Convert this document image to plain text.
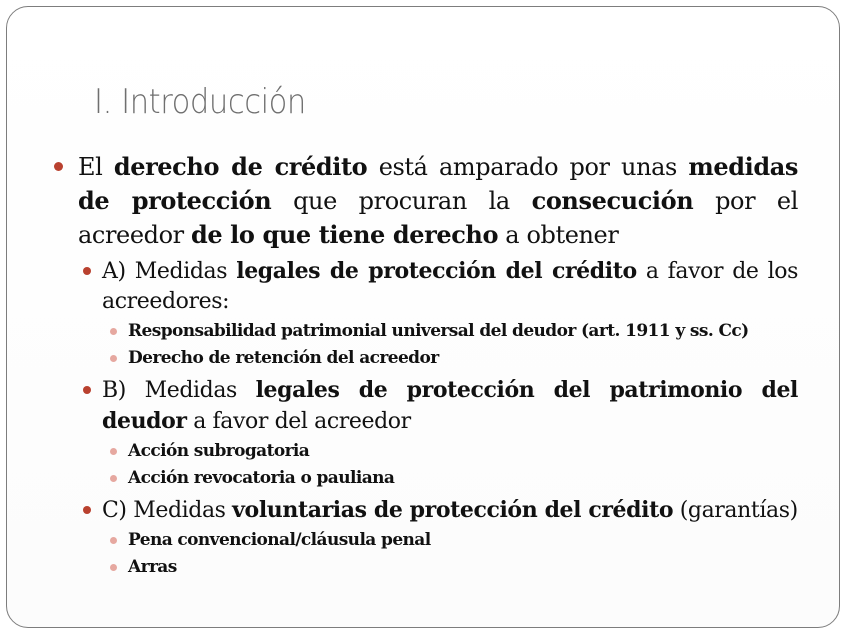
I. Introducción
El derecho de crédito está amparado por unas medidas de protección que procuran la consecución por el acreedor de lo que tiene derecho a obtener
A) Medidas legales de protección del crédito a favor de los acreedores:
Responsabilidad patrimonial universal del deudor (art. 1911 y ss. Cc)
Derecho de retención del acreedor
B) Medidas legales de protección del patrimonio del deudor a favor del acreedor
Acción subrogatoria
Acción revocatoria o pauliana
C) Medidas voluntarias de protección del crédito (garantías)
Pena convencional/cláusula penal
Arras
